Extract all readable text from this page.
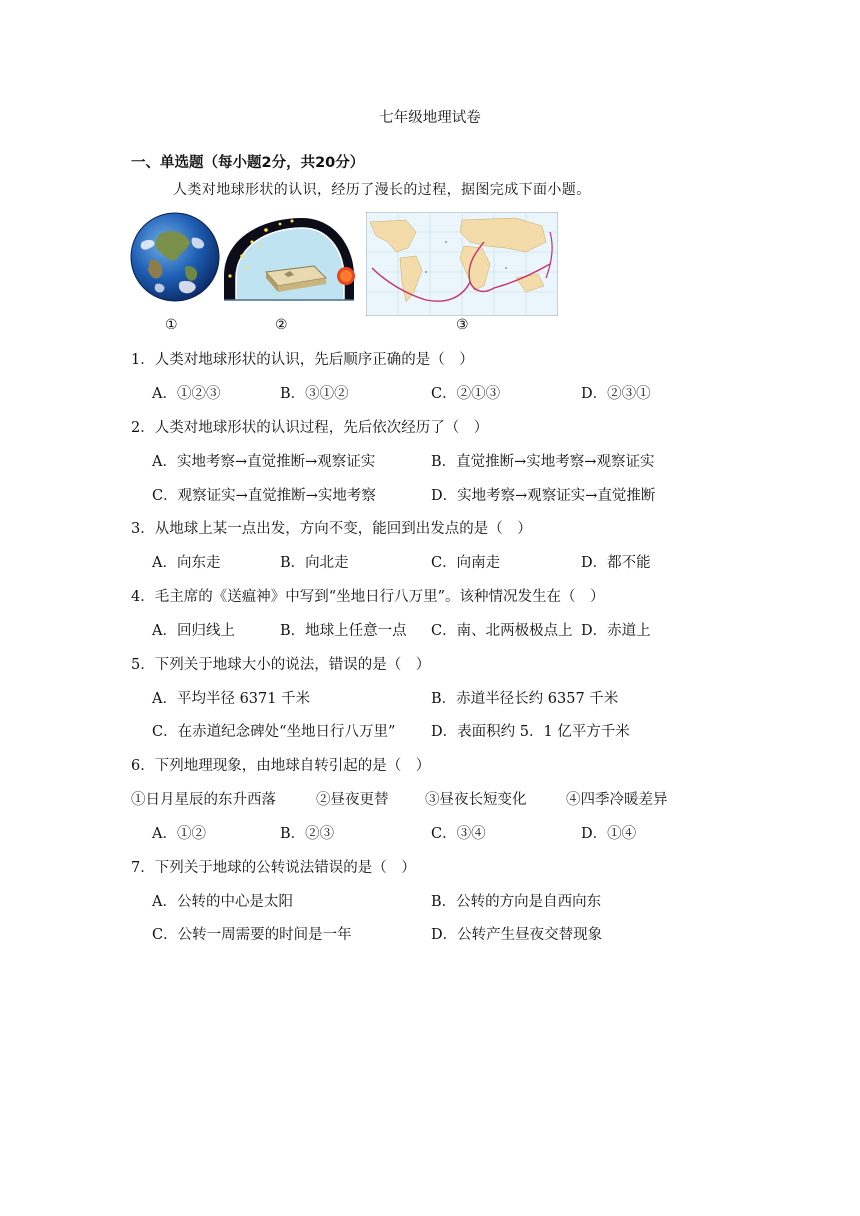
七年级地理试卷
一、单选题（每小题2分，共20分）
人类对地球形状的认识，经历了漫长的过程，据图完成下面小题。
①	②	③
1．人类对地球形状的认识，先后顺序正确的是（　）
A．①②③	B．③①②	C．②①③	D．②③①
2．人类对地球形状的认识过程，先后依次经历了（　）
A．实地考察→直觉推断→观察证实	B．直觉推断→实地考察→观察证实
C．观察证实→直觉推断→实地考察	D．实地考察→观察证实→直觉推断
3．从地球上某一点出发，方向不变，能回到出发点的是（　）
A．向东走	B．向北走	C．向南走	D．都不能
4．毛主席的《送瘟神》中写到“坐地日行八万里”。该种情况发生在（　）
A．回归线上	B．地球上任意一点 C．南、北两极极点上 D．赤道上
5．下列关于地球大小的说法，错误的是（　）
A．平均半径 6371 千米	B．赤道半径长约 6357 千米
C．在赤道纪念碑处“坐地日行八万里” D．表面积约 5．1 亿平方千米
6．下列地理现象，由地球自转引起的是（　）
①日月星辰的东升西落	②昼夜更替	③昼夜长短变化	④四季冷暖差异
A．①②	B．②③	C．③④	D．①④
7．下列关于地球的公转说法错误的是（　）
A．公转的中心是太阳	B．公转的方向是自西向东
C．公转一周需要的时间是一年	D．公转产生昼夜交替现象
